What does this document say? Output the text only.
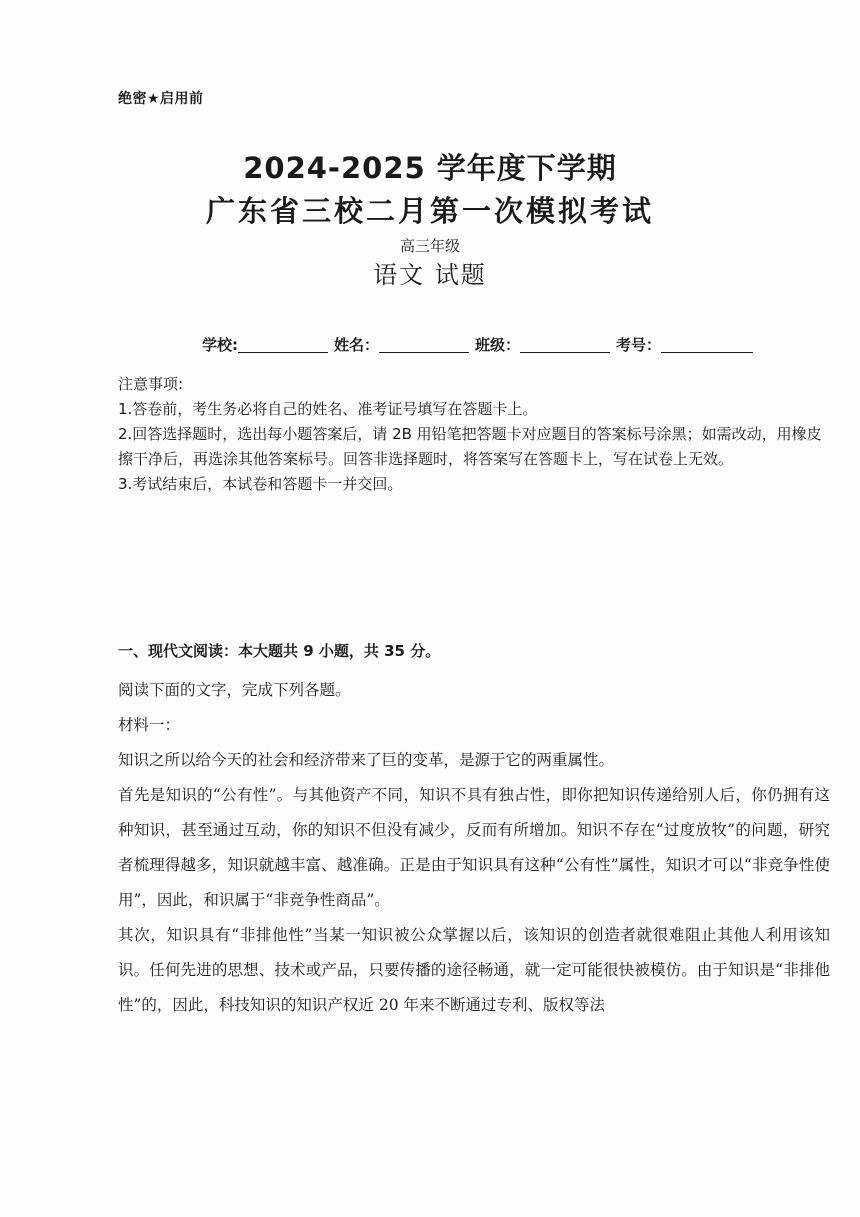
绝密★启用前
2024-2025 学年度下学期
广东省三校二月第一次模拟考试
高三年级
语文 试题
学校:	姓名：	班级：	考号：

注意事项:

1.答卷前，考生务必将自己的姓名、准考证号填写在答题卡上。

2.回答选择题时，选出每小题答案后，请 2B 用铅笔把答题卡对应题目的答案标号涂黑；如需改动，用橡皮擦干净后，再选涂其他答案标号。回答非选择题时，将答案写在答题卡上，写在试卷上无效。

3.考试结束后，本试卷和答题卡一并交回。

一、现代文阅读：本大题共 9 小题，共 35 分。

阅读下面的文字，完成下列各题。

材料一：

知识之所以给今天的社会和经济带来了巨的变革，是源于它的两重属性。

首先是知识的“公有性”。与其他资产不同，知识不具有独占性，即你把知识传递给别人后，你仍拥有这种知识，甚至通过互动，你的知识不但没有减少，反而有所增加。知识不存在“过度放牧”的问题，研究者梳理得越多，知识就越丰富、越准确。正是由于知识具有这种“公有性”属性，知识才可以“非竞争性使用”，因此，和识属于“非竞争性商品”。

其次，知识具有“非排他性”当某一知识被公众掌握以后，该知识的创造者就很难阻止其他人利用该知识。任何先进的思想、技术或产品，只要传播的途径畅通，就一定可能很快被模仿。由于知识是“非排他性”的，因此，科技知识的知识产权近 20 年来不断通过专利、版权等法
